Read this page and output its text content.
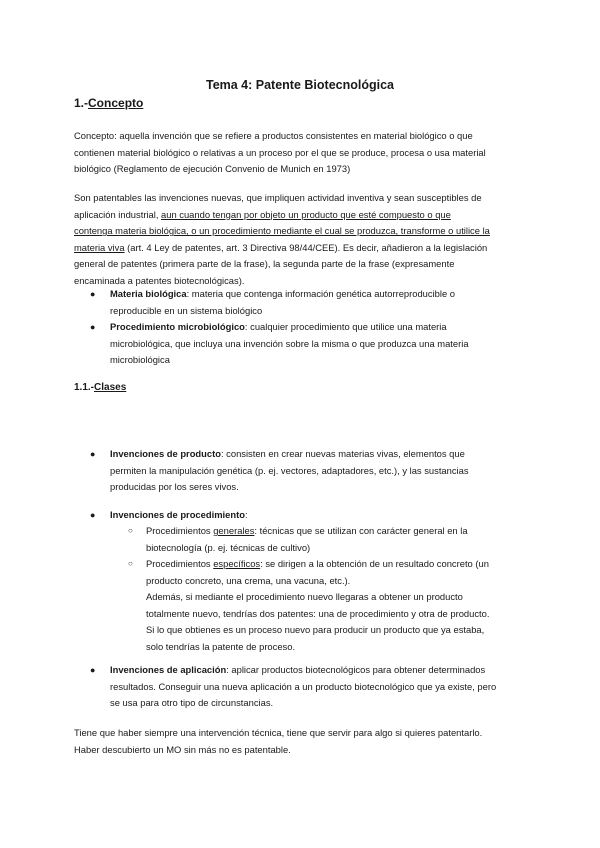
Tema 4: Patente Biotecnológica
1.-Concepto

Concepto: aquella invención que se refiere a productos consistentes en material biológico o que

contienen material biológico o relativas a un proceso por el que se produce, procesa o usa material

biológico (Reglamento de ejecución Convenio de Munich en 1973)

Son patentables las invenciones nuevas, que impliquen actividad inventiva y sean susceptibles de

aplicación industrial, aun cuando tengan por objeto un producto que esté compuesto o que

contenga materia biológica, o un procedimiento mediante el cual se produzca, transforme o utilice la

materia viva (art. 4 Ley de patentes, art. 3 Directiva 98/44/CEE). Es decir, añadieron a la legislación

general de patentes (primera parte de la frase), la segunda parte de la frase (expresamente

encaminada a patentes biotecnológicas).

● Materia biológica: materia que contenga información genética autorreproducible o

reproducible en un sistema biológico

● Procedimiento microbiológico: cualquier procedimiento que utilice una materia

microbiológica, que incluya una invención sobre la misma o que produzca una materia

microbiológica

1.1.-Clases
● Invenciones de producto: consisten en crear nuevas materias vivas, elementos que

permiten la manipulación genética (p. ej. vectores, adaptadores, etc.), y las sustancias

producidas por los seres vivos.

● Invenciones de procedimiento:

○ Procedimientos generales: técnicas que se utilizan con carácter general en la

biotecnología (p. ej. técnicas de cultivo)

○ Procedimientos específicos: se dirigen a la obtención de un resultado concreto (un

producto concreto, una crema, una vacuna, etc.).

Además, si mediante el procedimiento nuevo llegaras a obtener un producto

totalmente nuevo, tendrías dos patentes: una de procedimiento y otra de producto.

Si lo que obtienes es un proceso nuevo para producir un producto que ya estaba,

solo tendrías la patente de proceso.

● Invenciones de aplicación: aplicar productos biotecnológicos para obtener determinados

resultados. Conseguir una nueva aplicación a un producto biotecnológico que ya existe, pero

se usa para otro tipo de circunstancias.

Tiene que haber siempre una intervención técnica, tiene que servir para algo si quieres patentarlo.

Haber descubierto un MO sin más no es patentable.
